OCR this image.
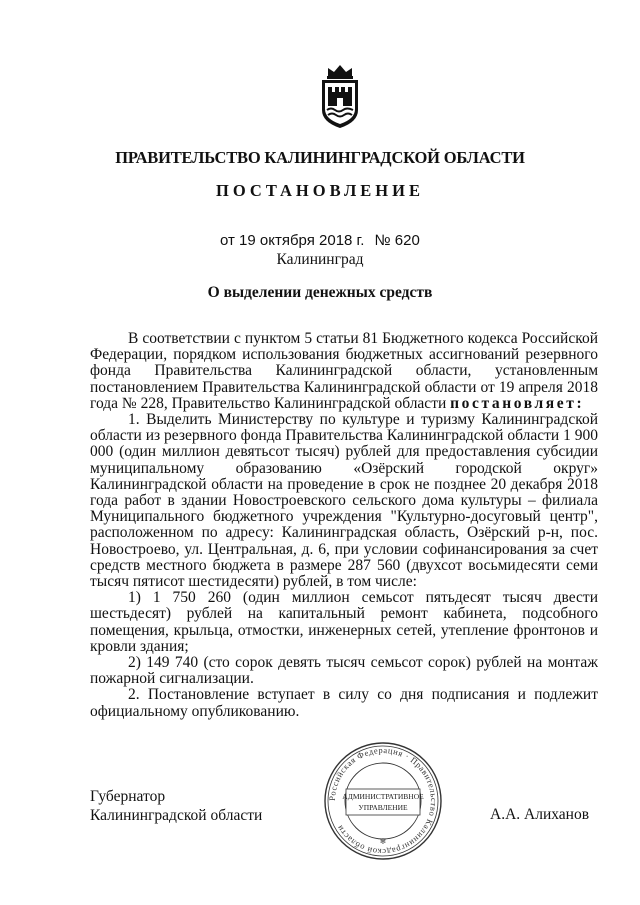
ПРАВИТЕЛЬСТВО КАЛИНИНГРАДСКОЙ ОБЛАСТИ
ПОСТАНОВЛЕНИЕ
от 19 октября 2018 г. № 620
Калининград
О выделении денежных средств

В соответствии с пунктом 5 статьи 81 Бюджетного кодекса Российской Федерации, порядком использования бюджетных ассигнований резервного фонда Правительства Калининградской области, установленным постановлением Правительства Калининградской области от 19 апреля 2018 года № 228, Правительство Калининградской области постановляет:

1. Выделить Министерству по культуре и туризму Калининградской области из резервного фонда Правительства Калининградской области 1 900 000 (один миллион девятьсот тысяч) рублей для предоставления субсидии муниципальному образованию «Озёрский городской округ» Калининградской области на проведение в срок не позднее 20 декабря 2018 года работ в здании Новостроевского сельского дома культуры – филиала Муниципального бюджетного учреждения "Культурно-досуговый центр", расположенном по адресу: Калининградская область, Озёрский р-н, пос. Новостроево, ул. Центральная, д. 6, при условии софинансирования за счет средств местного бюджета в размере 287 560 (двухсот восьмидесяти семи тысяч пятисот шестидесяти) рублей, в том числе:

1) 1 750 260 (один миллион семьсот пятьдесят тысяч двести шестьдесят) рублей на капитальный ремонт кабинета, подсобного помещения, крыльца, отмостки, инженерных сетей, утепление фронтонов и кровли здания;

2) 149 740 (сто сорок девять тысяч семьсот сорок) рублей на монтаж пожарной сигнализации.

2. Постановление вступает в силу со дня подписания и подлежит официальному опубликованию.

Губернатор
Калининградской области
Российская Федерация · Правительство Калининградской области
АДМИНИСТРАТИВНОЕ
УПРАВЛЕНИЕ
❄
А.А. Алиханов
